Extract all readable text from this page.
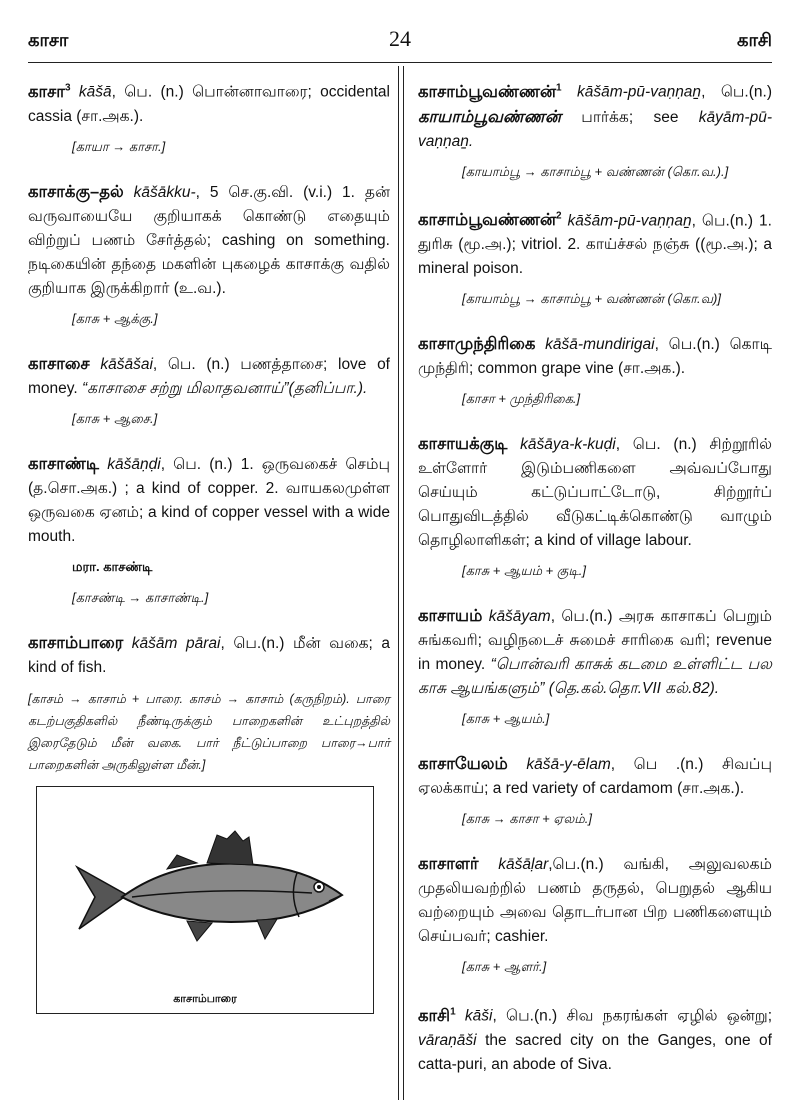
காசா	24	காசி
காசா$^3$ kāšā, பெ. (n.) பொன்னாவாரை; occidental cassia (சா.அக.).
[காயா → காசா.]
காசாக்கு–தல் kāšākku-, 5 செ.கு.வி. (v.i.) 1. தன் வருவாயையே குறியாகக் கொண்டு எதையும் விற்றுப் பணம் சேர்த்தல்; cashing on something. நடிகையின் தந்தை மகளின் புகழைக் காசாக்கு வதில் குறியாக இருக்கிறார் (உ.வ.).
[காசு + ஆக்கு.]
காசாசை kāšāšai, பெ. (n.) பணத்தாசை; love of money. “காசாசை சற்று மிலாதவனாய்”(தனிப்பா.).
[காசு + ஆசை.]
காசாண்டி kāšāṇḍi, பெ. (n.) 1. ஒருவகைச் செம்பு (த.சொ.அக.) ; a kind of copper. 2. வாயகலமுள்ள ஒருவகை ஏனம்; a kind of copper vessel with a wide mouth.
மரா. காசண்டி
[காசண்டி → காசாண்டி.]
காசாம்பாரை kāšām pārai, பெ.(n.) மீன் வகை; a kind of fish.
[காசம் → காசாம் + பாரை. காசம் → காசாம் (கருநிறம்). பாரை கடற்பகுதிகளில் நீண்டிருக்கும் பாறைகளின் உட்புறத்தில் இரைதேடும் மீன் வகை. பார் நீட்டுப்பாறை பாரை→பார் பாறைகளின் அருகிலுள்ள மீன்.]
காசாம்பாரை
காசாம்பூவண்ணன்$^1$ kāšām-pū-vaṇṇaṉ, பெ.(n.) காயாம்பூவண்ணன் பார்க்க; see kāyām-pū-vaṇṇaṉ.
[காயாம்பூ → காசாம்பூ + வண்ணன் (கொ.வ.).]
காசாம்பூவண்ணன்$^2$ kāšām-pū-vaṇṇaṉ, பெ.(n.) 1. துரிசு (மூ.அ.); vitriol. 2. காய்ச்சல் நஞ்சு ((மூ.அ.); a mineral poison.
[காயாம்பூ → காசாம்பூ + வண்ணன் (கொ.வ)]
காசாமுந்திரிகை kāšā-mundirigai, பெ.(n.) கொடி முந்திரி; common grape vine (சா.அக.).
[காசா + முந்திரிகை.]
காசாயக்குடி kāšāya-k-kuḍi, பெ. (n.) சிற்றூரில் உள்ளோர் இடும்பணிகளை அவ்வப்போது செய்யும் கட்டுப்பாட்டோடு, சிற்றூர்ப் பொதுவிடத்தில் வீடுகட்டிக்கொண்டு வாழும் தொழிலாளிகள்; a kind of village labour.
[காசு + ஆயம் + குடி.]
காசாயம் kāšāyam, பெ.(n.) அரசு காசாகப் பெறும் சுங்கவரி; வழிநடைச் சுமைச் சாரிகை வரி; revenue in money. “பொன்வரி காசுக் கடமை உள்ளிட்ட பல காசு ஆயங்களும்” (தெ.கல்.தொ.VII கல்.82).
[காசு + ஆயம்.]
காசாயேலம் kāšā-y-ēlam, பெ .(n.) சிவப்பு ஏலக்காய்; a red variety of cardamom (சா.அக.).
[காசு → காசா + ஏலம்.]
காசாளர் kāšāḷar,பெ.(n.) வங்கி, அலுவலகம் முதலியவற்றில் பணம் தருதல், பெறுதல் ஆகிய வற்றையும் அவை தொடர்பான பிற பணிகளையும் செய்பவர்; cashier.
[காசு + ஆளர்.]
காசி$^1$ kāši, பெ.(n.) சிவ நகரங்கள் ஏழில் ஒன்று; vāraṇāši the sacred city on the Ganges, one of catta-puri, an abode of Siva.
